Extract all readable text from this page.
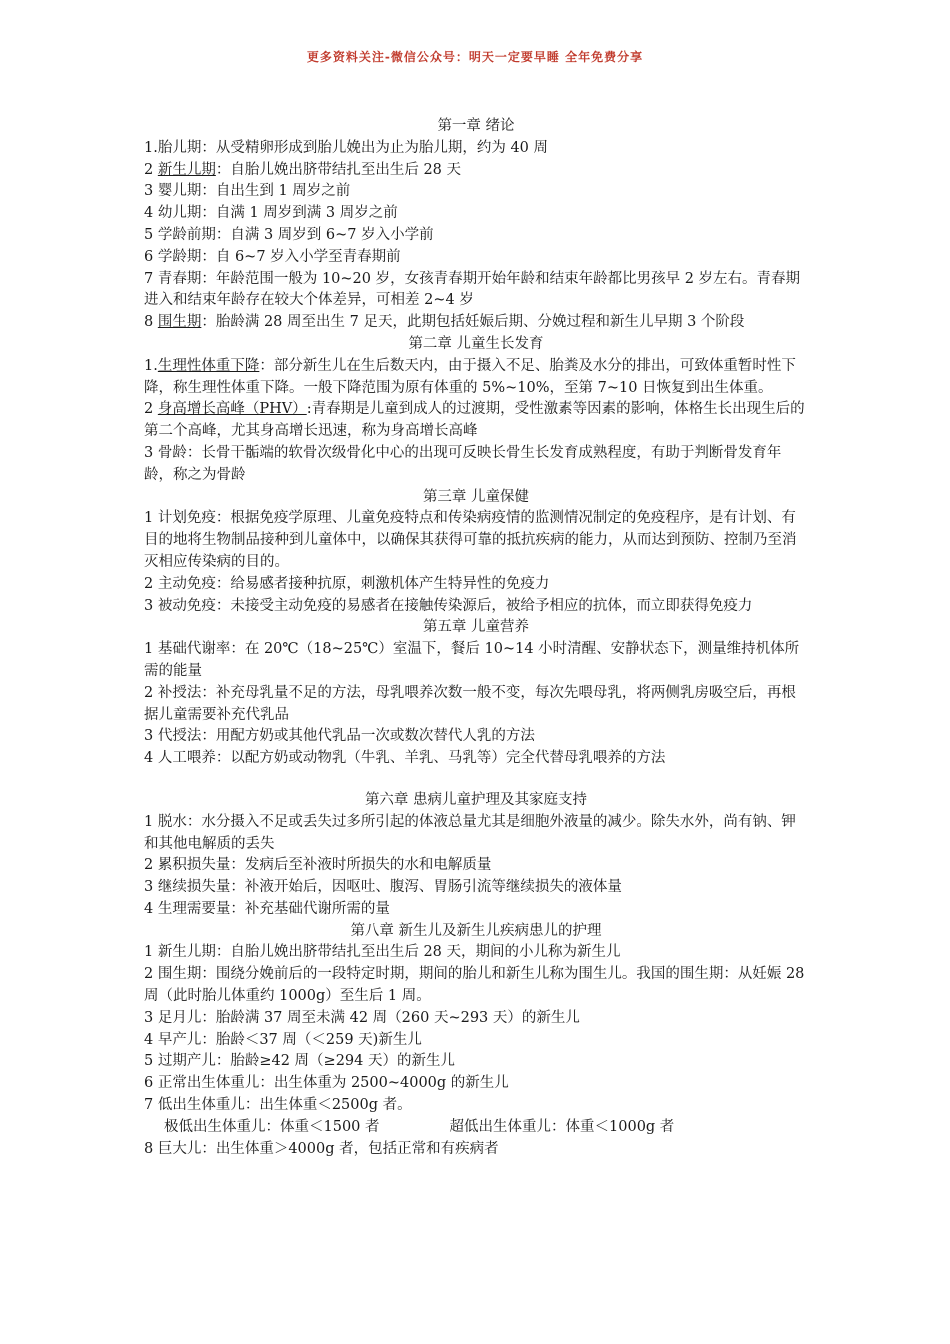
更多资料关注-微信公众号：明天一定要早睡 全年免费分享

第一章 绪论

1.胎儿期：从受精卵形成到胎儿娩出为止为胎儿期，约为 40 周

2 新生儿期：自胎儿娩出脐带结扎至出生后 28 天

3 婴儿期：自出生到 1 周岁之前

4 幼儿期：自满 1 周岁到满 3 周岁之前

5 学龄前期：自满 3 周岁到 6~7 岁入小学前

6 学龄期：自 6~7 岁入小学至青春期前

7 青春期：年龄范围一般为 10~20 岁，女孩青春期开始年龄和结束年龄都比男孩早 2 岁左右。青春期进入和结束年龄存在较大个体差异，可相差 2~4 岁

8 围生期：胎龄满 28 周至出生 7 足天，此期包括妊娠后期、分娩过程和新生儿早期 3 个阶段

第二章 儿童生长发育

1.生理性体重下降：部分新生儿在生后数天内，由于摄入不足、胎粪及水分的排出，可致体重暂时性下降，称生理性体重下降。一般下降范围为原有体重的 5%~10%，至第 7~10 日恢复到出生体重。

2 身高增长高峰（PHV）:青春期是儿童到成人的过渡期，受性激素等因素的影响，体格生长出现生后的第二个高峰，尤其身高增长迅速，称为身高增长高峰

3 骨龄：长骨干骺端的软骨次级骨化中心的出现可反映长骨生长发育成熟程度，有助于判断骨发育年龄，称之为骨龄

第三章 儿童保健

1 计划免疫：根据免疫学原理、儿童免疫特点和传染病疫情的监测情况制定的免疫程序，是有计划、有目的地将生物制品接种到儿童体中，以确保其获得可靠的抵抗疾病的能力，从而达到预防、控制乃至消灭相应传染病的目的。

2 主动免疫：给易感者接种抗原，刺激机体产生特异性的免疫力

3 被动免疫：未接受主动免疫的易感者在接触传染源后，被给予相应的抗体，而立即获得免疫力

第五章 儿童营养

1 基础代谢率：在 20℃（18~25℃）室温下，餐后 10~14 小时清醒、安静状态下，测量维持机体所需的能量

2 补授法：补充母乳量不足的方法，母乳喂养次数一般不变，每次先喂母乳，将两侧乳房吸空后，再根据儿童需要补充代乳品

3 代授法：用配方奶或其他代乳品一次或数次替代人乳的方法

4 人工喂养：以配方奶或动物乳（牛乳、羊乳、马乳等）完全代替母乳喂养的方法

第六章 患病儿童护理及其家庭支持

1 脱水：水分摄入不足或丢失过多所引起的体液总量尤其是细胞外液量的减少。除失水外，尚有钠、钾和其他电解质的丢失

2 累积损失量：发病后至补液时所损失的水和电解质量

3 继续损失量：补液开始后，因呕吐、腹泻、胃肠引流等继续损失的液体量

4 生理需要量：补充基础代谢所需的量

第八章 新生儿及新生儿疾病患儿的护理

1 新生儿期：自胎儿娩出脐带结扎至出生后 28 天，期间的小儿称为新生儿

2 围生期：围绕分娩前后的一段特定时期，期间的胎儿和新生儿称为围生儿。我国的围生期：从妊娠 28 周（此时胎儿体重约 1000g）至生后 1 周。

3 足月儿：胎龄满 37 周至未满 42 周（260 天~293 天）的新生儿

4 早产儿：胎龄＜37 周（＜259 天)新生儿

5 过期产儿：胎龄≥42 周（≥294 天）的新生儿

6 正常出生体重儿：出生体重为 2500~4000g 的新生儿

7 低出生体重儿：出生体重＜2500g 者。

极低出生体重儿：体重＜1500 者	超低出生体重儿：体重＜1000g 者

8 巨大儿：出生体重＞4000g 者，包括正常和有疾病者
